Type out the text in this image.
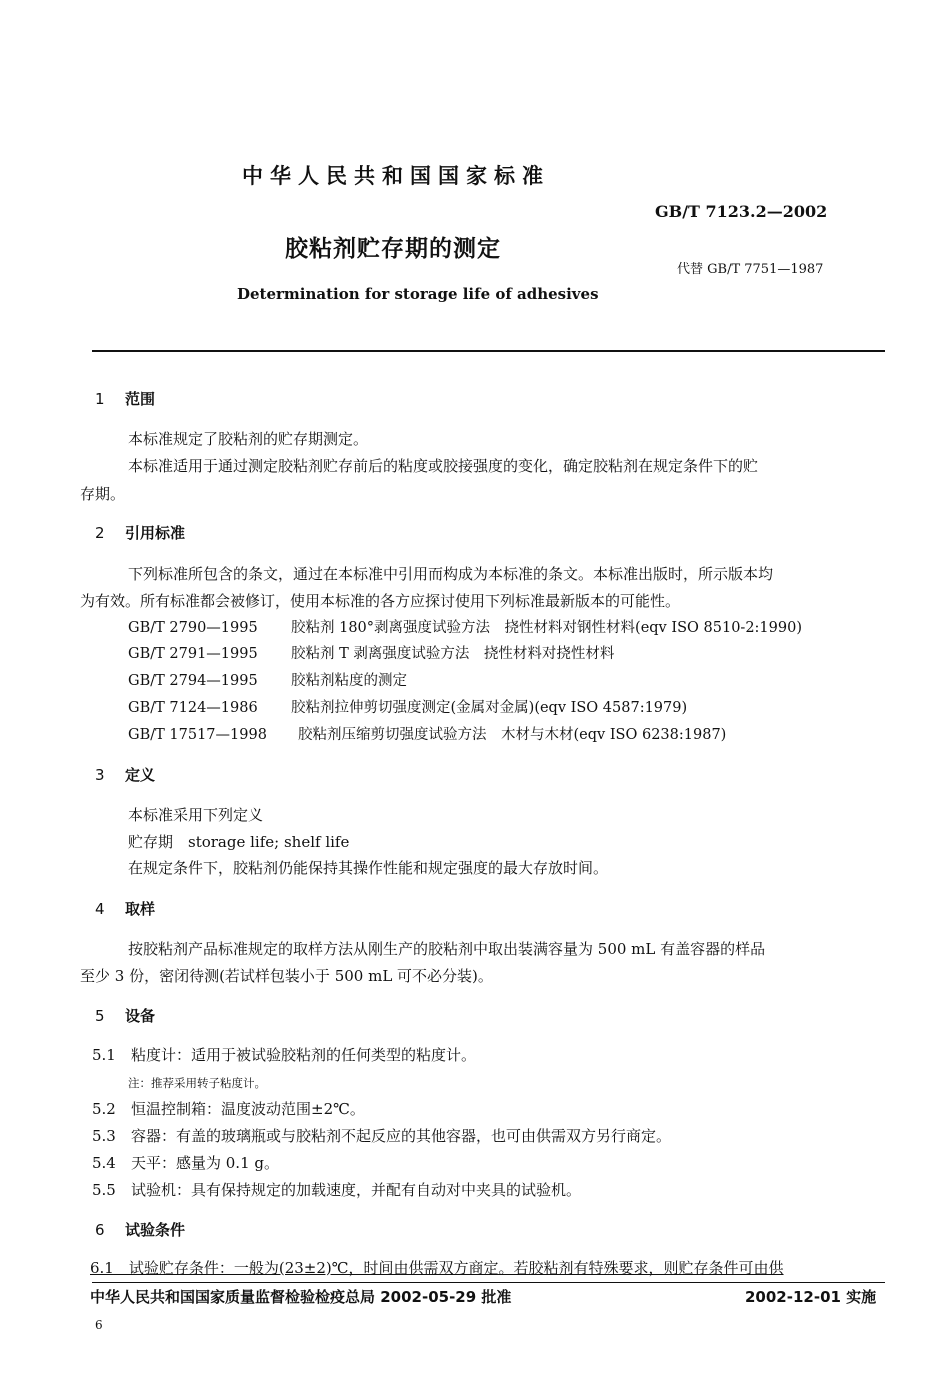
中华人民共和国国家标准
GB/T 7123.2—2002
胶粘剂贮存期的测定
代替 GB/T 7751—1987
Determination for storage life of adhesives
1 范围
本标准规定了胶粘剂的贮存期测定。
本标准适用于通过测定胶粘剂贮存前后的粘度或胶接强度的变化，确定胶粘剂在规定条件下的贮
存期。
2 引用标准
下列标准所包含的条文，通过在本标准中引用而构成为本标准的条文。本标准出版时，所示版本均
为有效。所有标准都会被修订，使用本标准的各方应探讨使用下列标准最新版本的可能性。
GB/T 2790—1995 胶粘剂 180°剥离强度试验方法　挠性材料对钢性材料(eqv ISO 8510-2:1990)
GB/T 2791—1995 胶粘剂 T 剥离强度试验方法　挠性材料对挠性材料
GB/T 2794—1995 胶粘剂粘度的测定
GB/T 7124—1986 胶粘剂拉伸剪切强度测定(金属对金属)(eqv ISO 4587:1979)
GB/T 17517—1998 胶粘剂压缩剪切强度试验方法　木材与木材(eqv ISO 6238:1987)
3 定义
本标准采用下列定义
贮存期　storage life; shelf life
在规定条件下，胶粘剂仍能保持其操作性能和规定强度的最大存放时间。
4 取样
按胶粘剂产品标准规定的取样方法从刚生产的胶粘剂中取出装满容量为 500 mL 有盖容器的样品
至少 3 份，密闭待测(若试样包装小于 500 mL 可不必分装)。
5 设备
5.1 粘度计：适用于被试验胶粘剂的任何类型的粘度计。
注：推荐采用转子粘度计。
5.2 恒温控制箱：温度波动范围±2℃。
5.3 容器：有盖的玻璃瓶或与胶粘剂不起反应的其他容器，也可由供需双方另行商定。
5.4 天平：感量为 0.1 g。
5.5 试验机：具有保持规定的加载速度，并配有自动对中夹具的试验机。
6 试验条件
6.1　试验贮存条件：一般为(23±2)℃，时间由供需双方商定。若胶粘剂有特殊要求，则贮存条件可由供
中华人民共和国国家质量监督检验检疫总局 2002-05-29 批准	2002-12-01 实施
6
